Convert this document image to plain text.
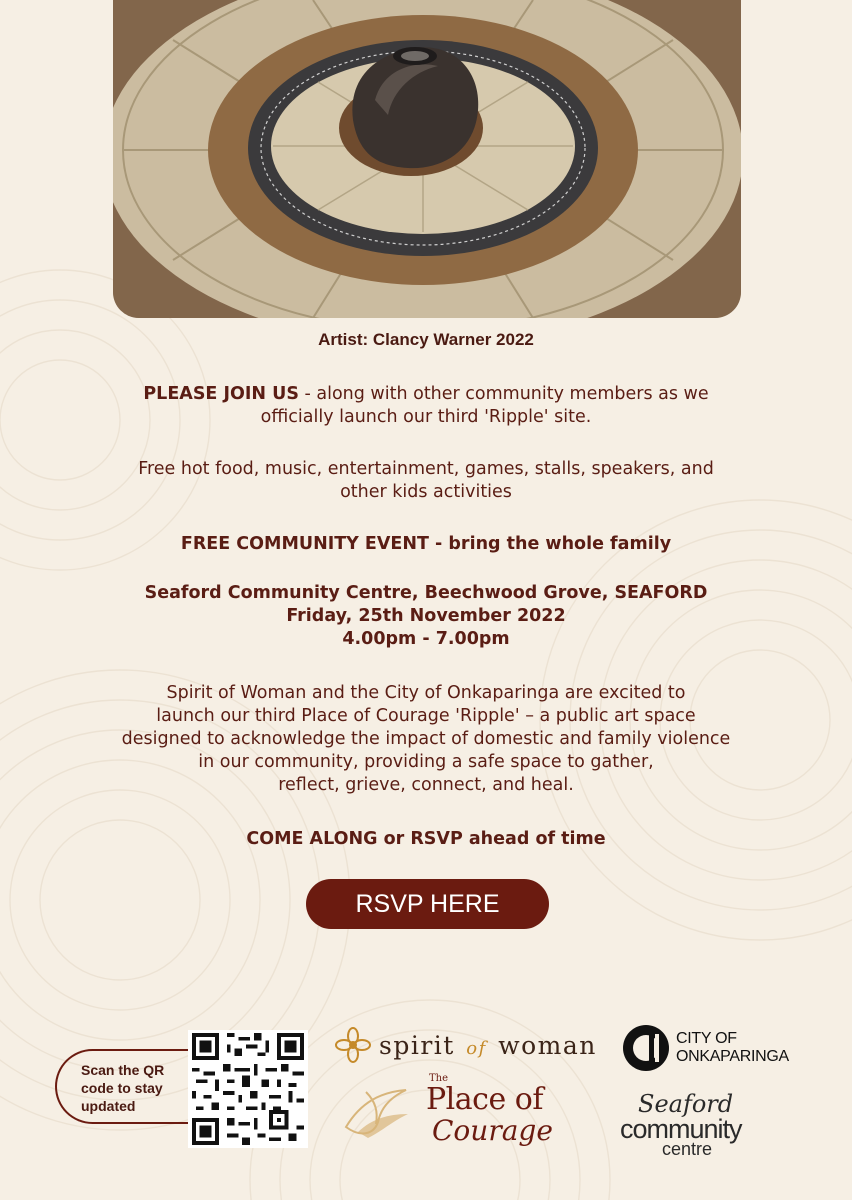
Artist: Clancy Warner 2022
PLEASE JOIN US - along with other community members as we
officially launch our third 'Ripple' site.
Free hot food, music, entertainment, games, stalls, speakers, and
other kids activities
FREE COMMUNITY EVENT - bring the whole family
Seaford Community Centre, Beechwood Grove, SEAFORD
Friday, 25th November 2022
4.00pm - 7.00pm
Spirit of Woman and the City of Onkaparinga are excited to
launch our third Place of Courage 'Ripple' – a public art space
designed to acknowledge the impact of domestic and family violence
in our community, providing a safe space to gather,
reflect, grieve, connect, and heal.
COME ALONG or RSVP ahead of time
RSVP HERE
Scan the QR
code to stay
updated
spirit of woman
The
Place of
Courage
CITY OF
ONKAPARINGA
Seaford
community
centre
